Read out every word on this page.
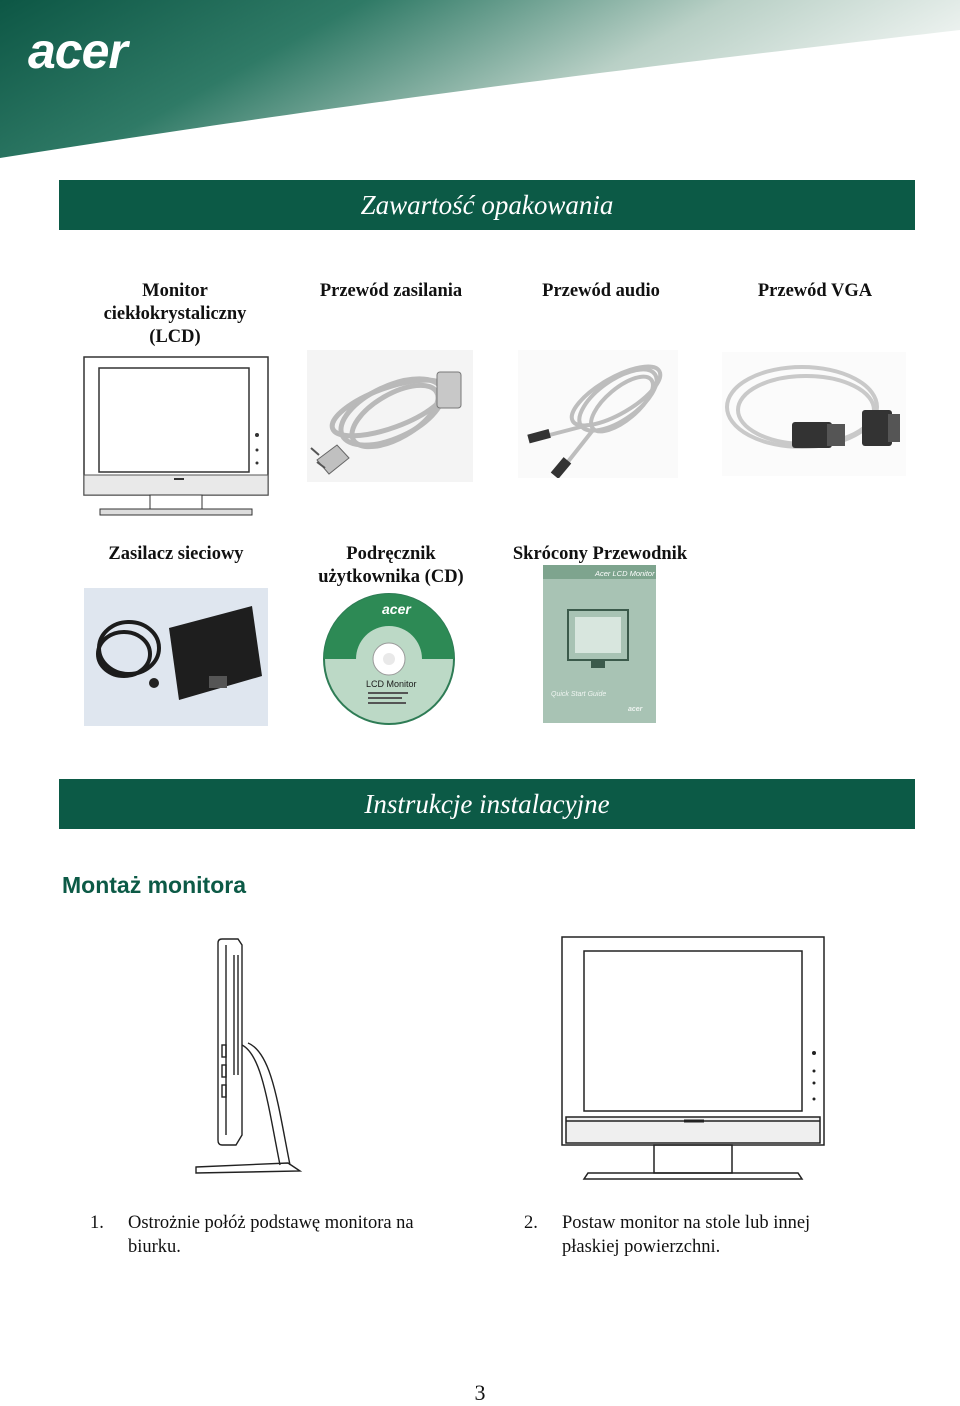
acer
Zawartość opakowania
Monitor ciekłokrystaliczny (LCD)
Przewód zasilania	Przewód audio	Przewód VGA
Zasilacz sieciowy	Podręcznik użytkownika (CD)
Skrócony Przewodnik
acer
LCD Monitor
Acer LCD Monitor
Quick Start Guide
acer
Instrukcje instalacyjne
Montaż monitora
1.	Ostrożnie połóż podstawę monitora na biurku.
2.	Postaw monitor na stole lub innej płaskiej powierzchni.
3
